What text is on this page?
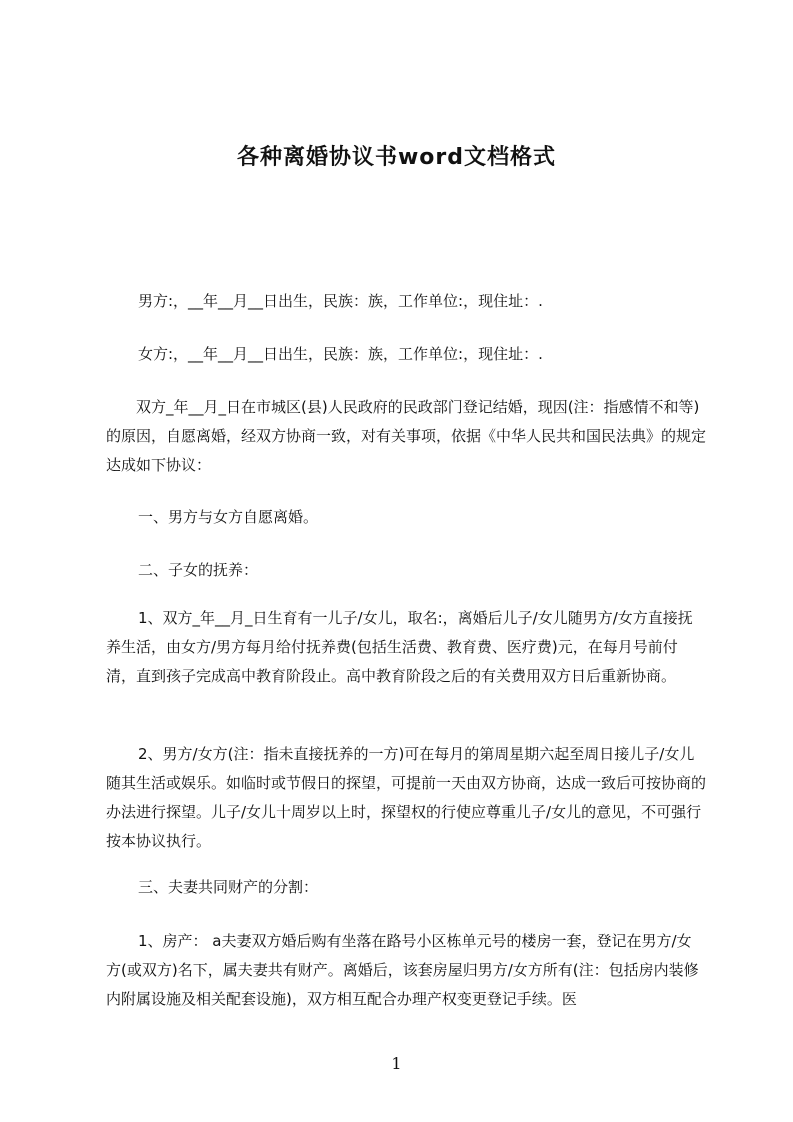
各种离婚协议书word文档格式

男方:，__年__月__日出生，民族：族，工作单位:，现住址：.

女方:，__年__月__日出生，民族：族，工作单位:，现住址：.

双方_年__月_日在市城区(县)人民政府的民政部门登记结婚，现因(注：指感情不和等)的原因，自愿离婚，经双方协商一致，对有关事项，依据《中华人民共和国民法典》的规定达成如下协议：

一、男方与女方自愿离婚。

二、子女的抚养：

1、双方_年__月_日生育有一儿子/女儿，取名:，离婚后儿子/女儿随男方/女方直接抚养生活，由女方/男方每月给付抚养费(包括生活费、教育费、医疗费)元，在每月号前付清，直到孩子完成高中教育阶段止。高中教育阶段之后的有关费用双方日后重新协商。

2、男方/女方(注：指未直接抚养的一方)可在每月的第周星期六起至周日接儿子/女儿随其生活或娱乐。如临时或节假日的探望，可提前一天由双方协商，达成一致后可按协商的办法进行探望。儿子/女儿十周岁以上时，探望权的行使应尊重儿子/女儿的意见，不可强行按本协议执行。

三、夫妻共同财产的分割：

1、房产： a夫妻双方婚后购有坐落在路号小区栋单元号的楼房一套，登记在男方/女方(或双方)名下，属夫妻共有财产。离婚后，该套房屋归男方/女方所有(注：包括房内装修内附属设施及相关配套设施)，双方相互配合办理产权变更登记手续。医

1
